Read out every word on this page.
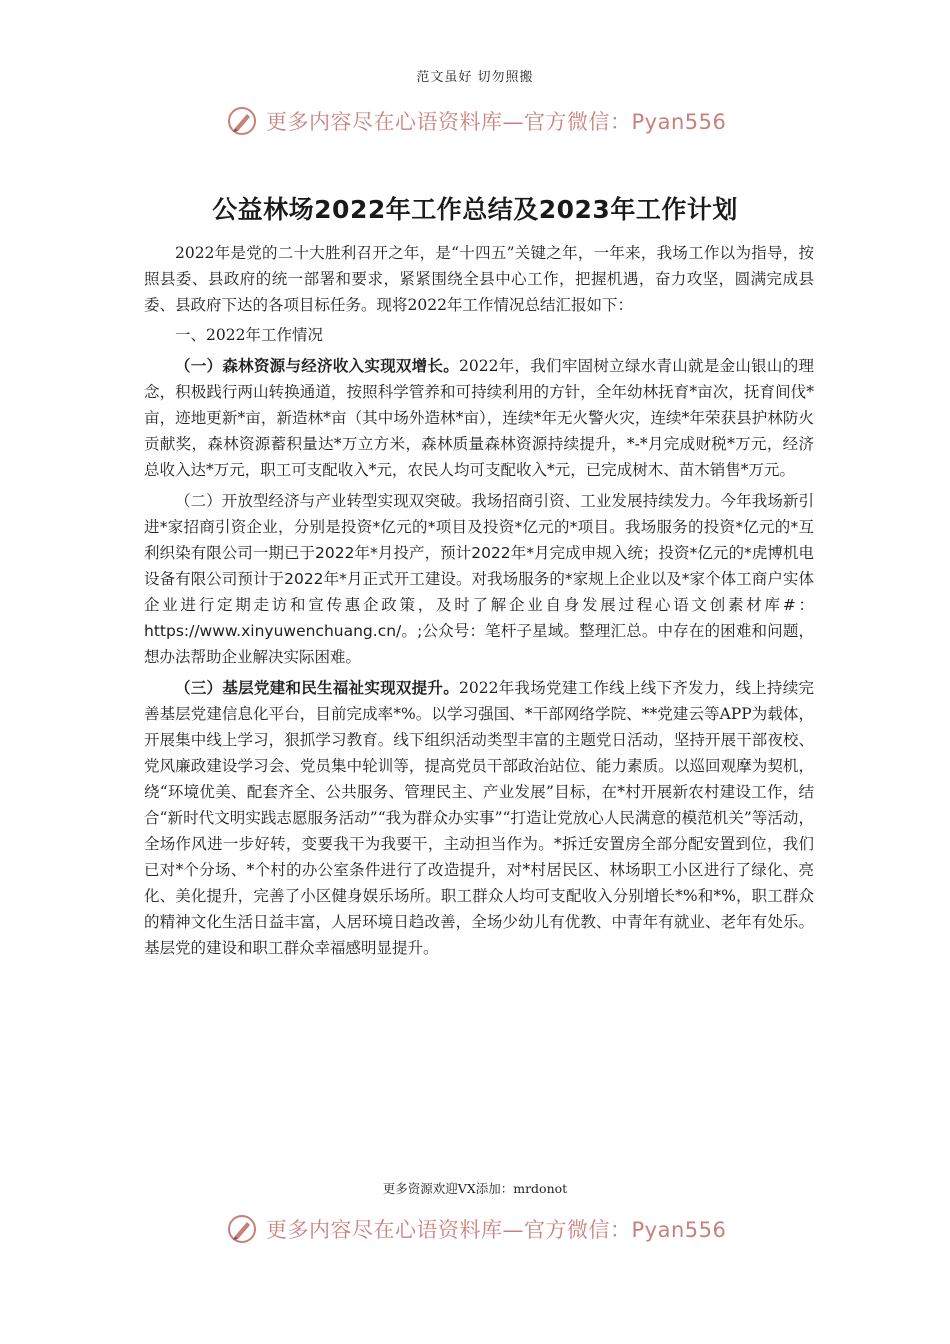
范文虽好 切勿照搬
更多内容尽在心语资料库—官方微信：Pyan556
公益林场2022年工作总结及2023年工作计划

2022年是党的二十大胜利召开之年，是“十四五”关键之年，一年来，我场工作以为指导，按照县委、县政府的统一部署和要求，紧紧围绕全县中心工作，把握机遇，奋力攻坚，圆满完成县委、县政府下达的各项目标任务。现将2022年工作情况总结汇报如下：

一、2022年工作情况

（一）森林资源与经济收入实现双增长。2022年，我们牢固树立绿水青山就是金山银山的理念，积极践行两山转换通道，按照科学管养和可持续利用的方针，全年幼林抚育*亩次，抚育间伐*亩，迹地更新*亩，新造林*亩（其中场外造林*亩），连续*年无火警火灾，连续*年荣获县护林防火贡献奖，森林资源蓄积量达*万立方米，森林质量森林资源持续提升，*-*月完成财税*万元，经济总收入达*万元，职工可支配收入*元，农民人均可支配收入*元，已完成树木、苗木销售*万元。

（二）开放型经济与产业转型实现双突破。我场招商引资、工业发展持续发力。今年我场新引进*家招商引资企业，分别是投资*亿元的*项目及投资*亿元的*项目。我场服务的投资*亿元的*互利织染有限公司一期已于2022年*月投产，预计2022年*月完成申规入统；投资*亿元的*虎博机电设备有限公司预计于2022年*月正式开工建设。对我场服务的*家规上企业以及*家个体工商户实体企业进行定期走访和宣传惠企政策，及时了解企业自身发展过程心语文创素材库#：https://www.xinyuwenchuang.cn/。;公众号：笔杆子星域。整理汇总。中存在的困难和问题，想办法帮助企业解决实际困难。

（三）基层党建和民生福祉实现双提升。2022年我场党建工作线上线下齐发力，线上持续完善基层党建信息化平台，目前完成率*%。以学习强国、*干部网络学院、**党建云等APP为载体，开展集中线上学习，狠抓学习教育。线下组织活动类型丰富的主题党日活动，坚持开展干部夜校、党风廉政建设学习会、党员集中轮训等，提高党员干部政治站位、能力素质。以巡回观摩为契机，绕“环境优美、配套齐全、公共服务、管理民主、产业发展”目标，在*村开展新农村建设工作，结合“新时代文明实践志愿服务活动”“我为群众办实事”“打造让党放心人民满意的模范机关”等活动，全场作风进一步好转，变要我干为我要干，主动担当作为。*拆迁安置房全部分配安置到位，我们已对*个分场、*个村的办公室条件进行了改造提升，对*村居民区、林场职工小区进行了绿化、亮化、美化提升，完善了小区健身娱乐场所。职工群众人均可支配收入分别增长*%和*%，职工群众的精神文化生活日益丰富，人居环境日趋改善，全场少幼儿有优教、中青年有就业、老年有处乐。基层党的建设和职工群众幸福感明显提升。

更多资源欢迎VX添加：mrdonot
更多内容尽在心语资料库—官方微信：Pyan556
